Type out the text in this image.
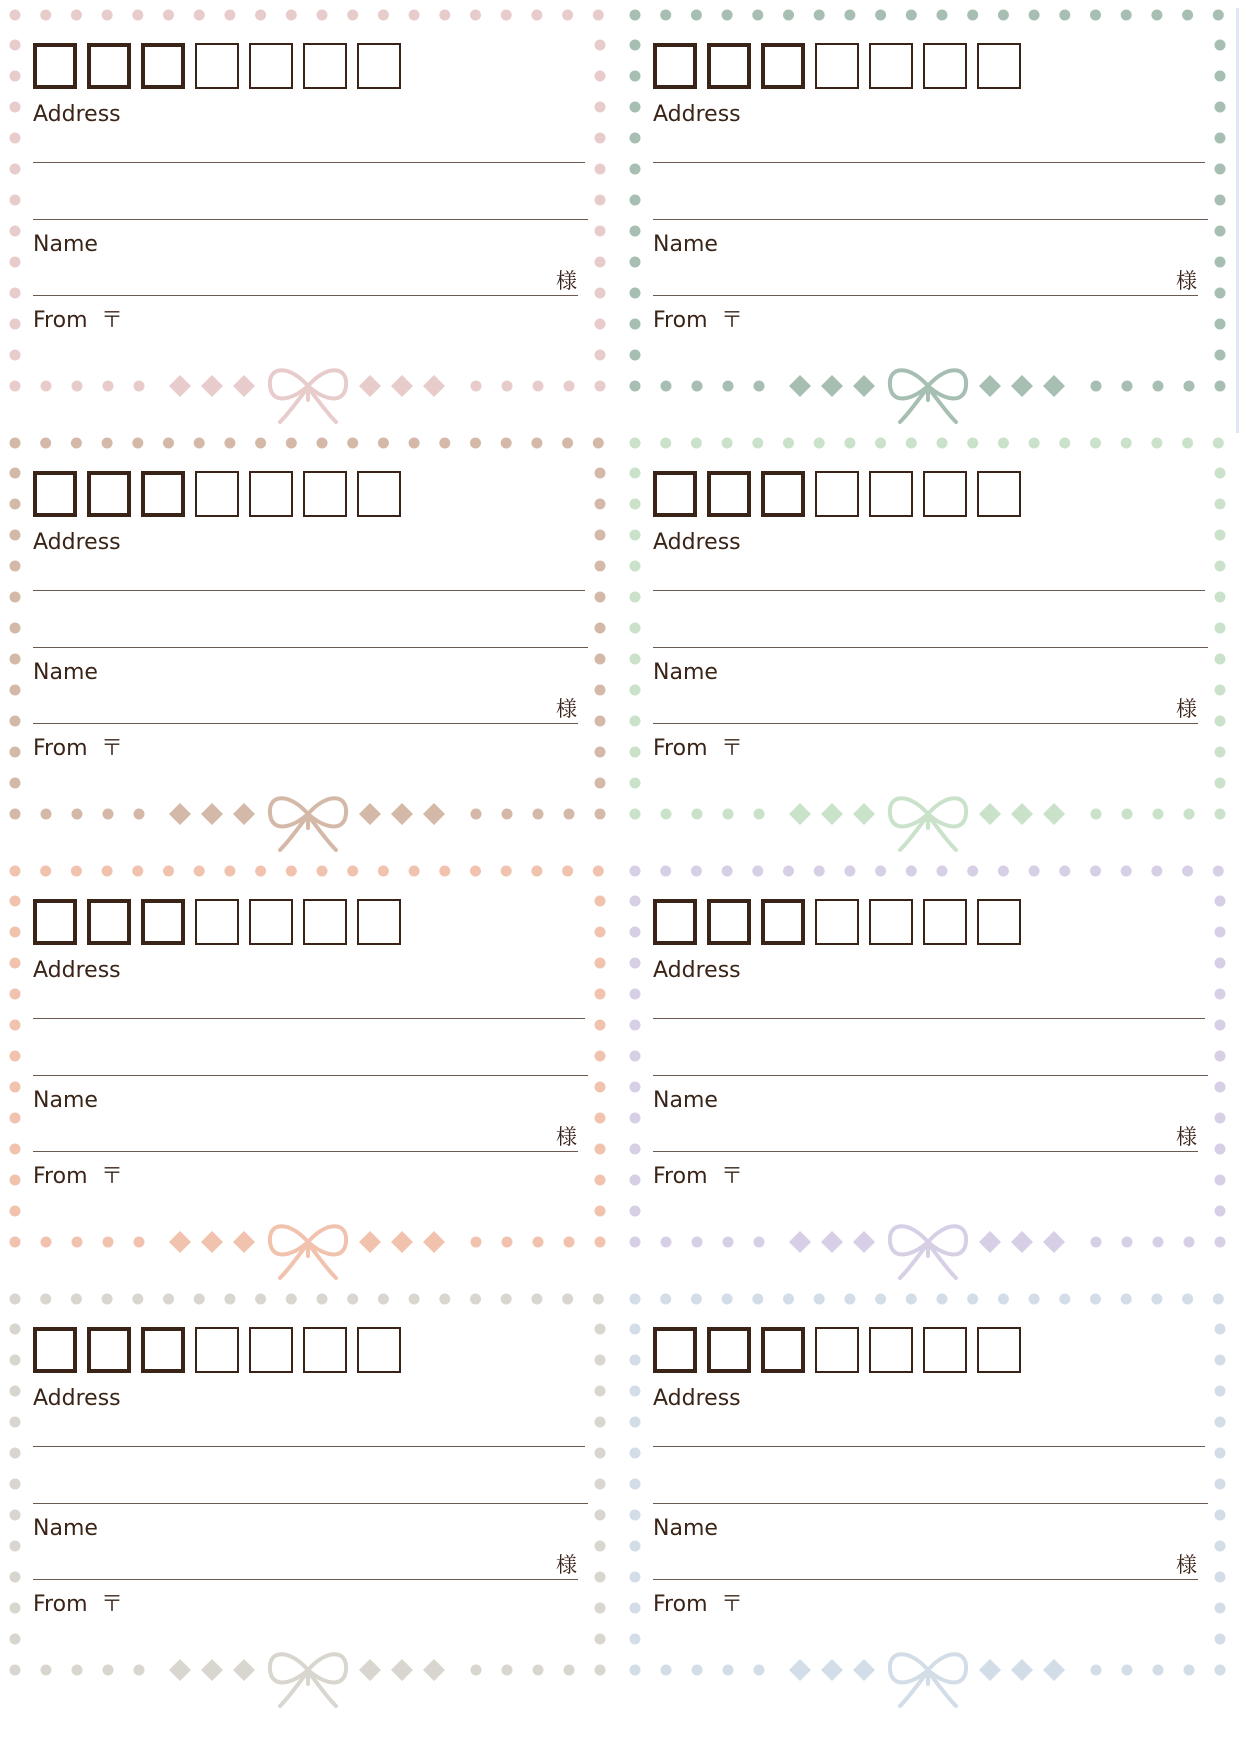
Address
Name
様
From 〒
Address
Name
様
From 〒
Address
Name
様
From 〒
Address
Name
様
From 〒
Address
Name
様
From 〒
Address
Name
様
From 〒
Address
Name
様
From 〒
Address
Name
様
From 〒
